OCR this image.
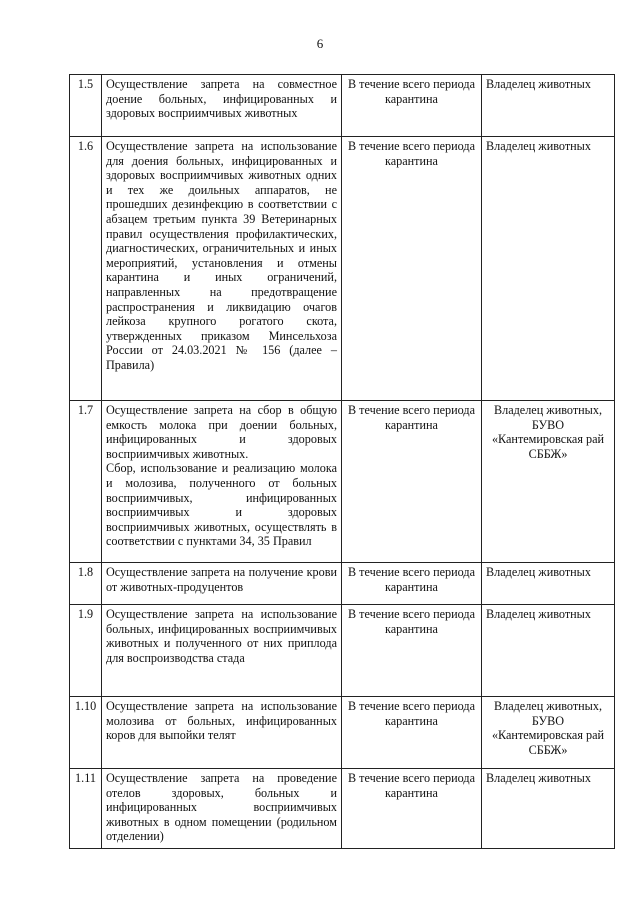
6
1.5	Осуществление запрета на совместное доение больных, инфицированных и здоровых восприимчивых животных	В течение всего периода карантина	Владелец животных
1.6	Осуществление запрета на использование для доения больных, инфицированных и здоровых восприимчивых животных одних и тех же доильных аппаратов, не прошедших дезинфекцию в соответствии с абзацем третьим пункта 39 Ветеринарных правил осуществления профилактических, диагностических, ограничительных и иных мероприятий, установления и отмены карантина и иных ограничений, направленных на предотвращение распространения и ликвидацию очагов лейкоза крупного рогатого скота, утвержденных приказом Минсельхоза России от 24.03.2021 № 156 (далее – Правила)	В течение всего периода карантина	Владелец животных
1.7	Осуществление запрета на сбор в общую емкость молока при доении больных, инфицированных и здоровых восприимчивых животных.
Сбор, использование и реализацию молока и молозива, полученного от больных восприимчивых, инфицированных восприимчивых и здоровых восприимчивых животных, осуществлять в соответствии с пунктами 34, 35 Правил	В течение всего периода карантина	Владелец животных, БУВО «Кантемировская рай СББЖ»
1.8	Осуществление запрета на получение крови от животных-продуцентов	В течение всего периода карантина	Владелец животных
1.9	Осуществление запрета на использование больных, инфицированных восприимчивых животных и полученного от них приплода для воспроизводства стада	В течение всего периода карантина	Владелец животных
1.10	Осуществление запрета на использование молозива от больных, инфицированных коров для выпойки телят	В течение всего периода карантина	Владелец животных, БУВО «Кантемировская рай СББЖ»
1.11	Осуществление запрета на проведение отелов здоровых, больных и инфицированных восприимчивых животных в одном помещении (родильном отделении)	В течение всего периода карантина	Владелец животных
